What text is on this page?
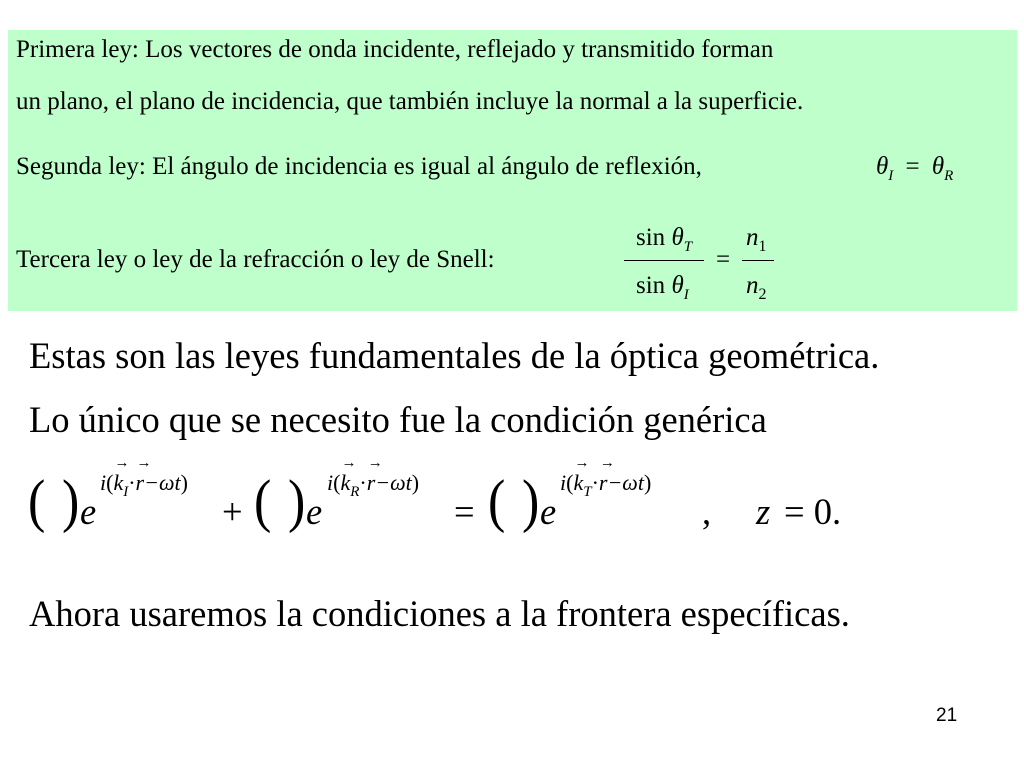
Primera ley: Los vectores de onda incidente, reflejado y transmitido forman
un plano, el plano de incidencia, que también incluye la normal a la superficie.
Segunda ley: El ángulo de incidencia es igual al ángulo de reflexión,	$\theta_I = \theta_R$
Tercera ley o ley de la refracción o ley de Snell:
$\sin \theta_T$
$\sin \theta_I$
=
$n_1$
$n_2$
Estas son las leyes fundamentales de la óptica geométrica.
Lo único que se necesito fue la condición genérica
( ) e
$i(\to k_I\cdot\to r-\omega t)$
+ ( ) e
$i(\to k_R\cdot\to r-\omega t)$
= ( ) e
$i(\to k_T\cdot\to r-\omega t)$
, z = 0.
Ahora usaremos la condiciones a la frontera específicas.
21
